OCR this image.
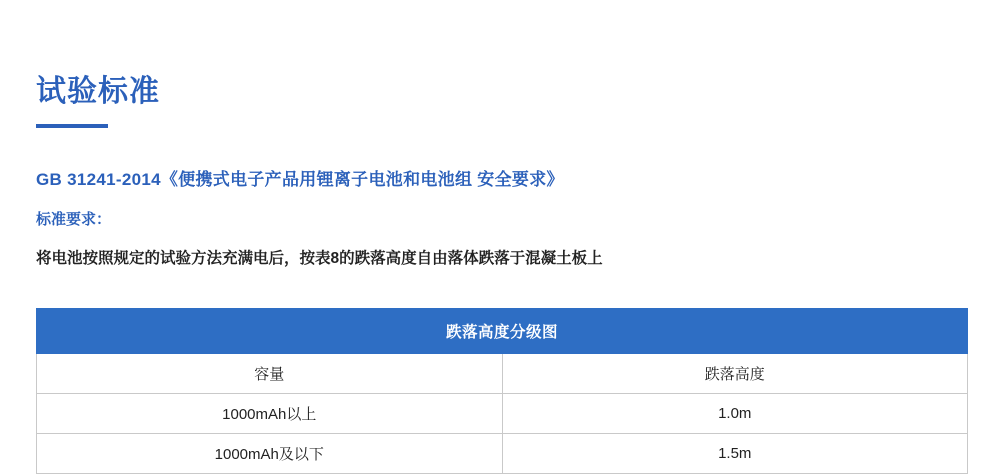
试验标准
GB 31241-2014《便携式电子产品用锂离子电池和电池组 安全要求》
标准要求：
将电池按照规定的试验方法充满电后，按表8的跌落高度自由落体跌落于混凝土板上
跌落高度分级图	
容量	跌落高度
1000mAh以上	1.0m
1000mAh及以下	1.5m
